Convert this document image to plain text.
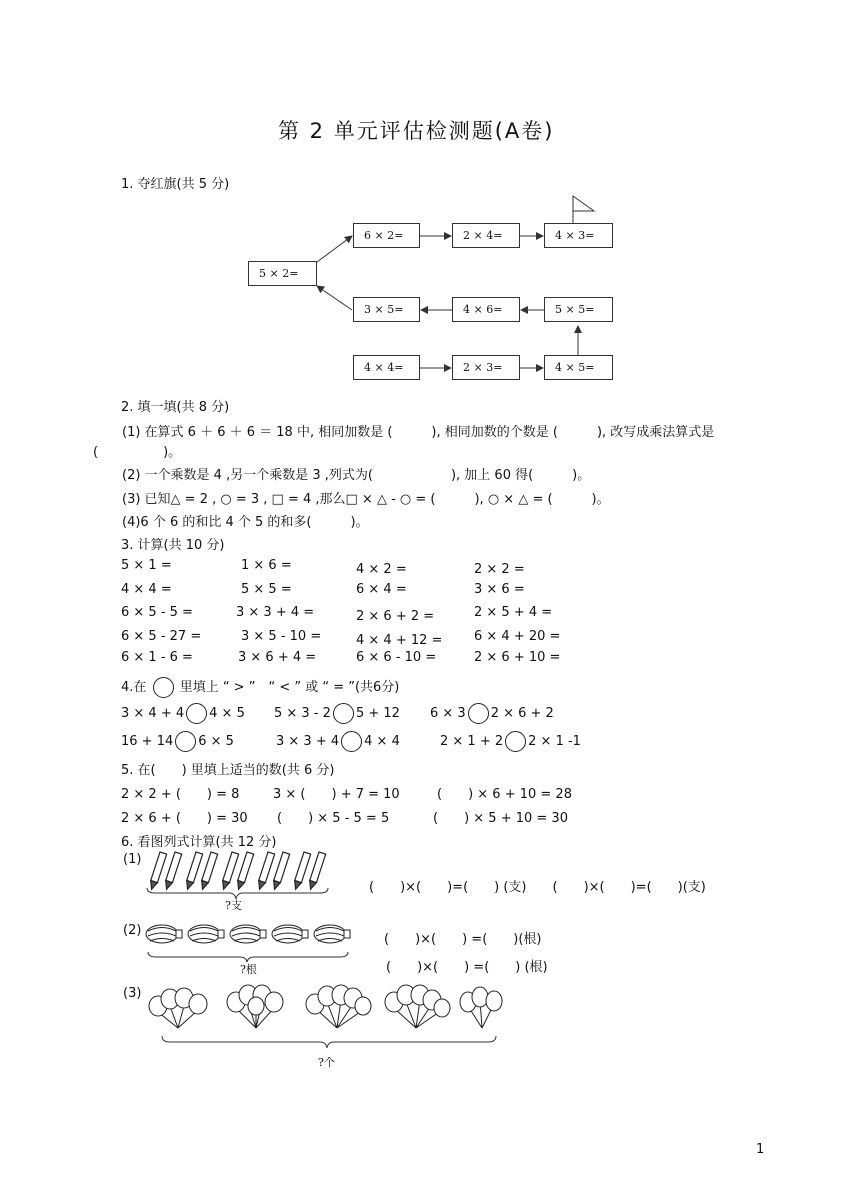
第 2 单元评估检测题(A卷)
1. 夺红旗(共 5 分)
5 × 2=
6 × 2=	2 × 4=	4 × 3=
3 × 5=	4 × 6=	5 × 5=
4 × 4=	2 × 3=	4 × 5=
2. 填一填(共 8 分)
(1) 在算式 6 ＋ 6 ＋ 6 ＝ 18 中, 相同加数是 (　　　), 相同加数的个数是 (　　　), 改写成乘法算式是
(　　　　　)。
(2) 一个乘数是 4 ,另一个乘数是 3 ,列式为(　　　　　　), 加上 60 得(　　　)。
(3) 已知△ = 2 , ○ = 3 , □ = 4 ,那么□ × △ - ○ = (　　　), ○ × △ = (　　　)。
(4)6 个 6 的和比 4 个 5 的和多(　　　)。
3. 计算(共 10 分)
5 × 1 =	1 × 6 =	4 × 2 =	2 × 2 =
4 × 4 =	5 × 5 =	6 × 4 =	3 × 6 =
6 × 5 - 5 =	3 × 3 + 4 =	2 × 6 + 2 =	2 × 5 + 4 =
6 × 5 - 27 =	3 × 5 - 10 =	4 × 4 + 12 = 6 × 4 + 20 =
6 × 1 - 6 =	3 × 6 + 4 =	6 × 6 - 10 =	2 × 6 + 10 =
4.在	里填上 “ > ”　“ < ” 或 “ = ”(共6分)
3 × 4 + 4 4 × 5 5 × 3 - 2 5 + 12 6 × 3 2 × 6 + 2
16 + 14 6 × 5	3 × 3 + 4 4 × 4	2 × 1 + 2 2 × 1 -1
5. 在(　　) 里填上适当的数(共 6 分)
2 × 2 + (　　) = 8	3 × (　　) + 7 = 10	(　　) × 6 + 10 = 28
2 × 6 + (　　) = 30 (　　) × 5 - 5 = 5	(　　) × 5 + 10 = 30
6. 看图列式计算(共 12 分)
(1)
?支
(　　)×(　　)=(　　) (支)　　(　　)×(　　)=(　　)(支)
(2)
?根
(　　)×(　　) =(　　)(根)
(　　)×(　　) =(　　) (根)
(3)
?个
1
